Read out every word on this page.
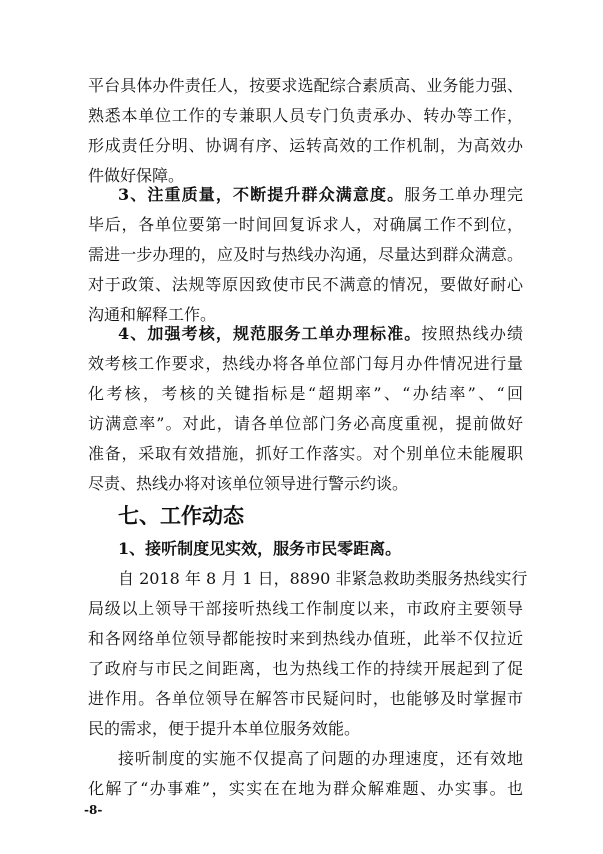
平台具体办件责任人，按要求选配综合素质高、业务能力强、
熟悉本单位工作的专兼职人员专门负责承办、转办等工作，
形成责任分明、协调有序、运转高效的工作机制，为高效办
件做好保障。
3、注重质量，不断提升群众满意度。服务工单办理完
毕后，各单位要第一时间回复诉求人，对确属工作不到位，
需进一步办理的，应及时与热线办沟通，尽量达到群众满意。
对于政策、法规等原因致使市民不满意的情况，要做好耐心
沟通和解释工作。
4、加强考核，规范服务工单办理标准。按照热线办绩
效考核工作要求，热线办将各单位部门每月办件情况进行量
化考核，考核的关键指标是“超期率”、“办结率”、“回
访满意率”。对此，请各单位部门务必高度重视，提前做好
准备，采取有效措施，抓好工作落实。对个别单位未能履职
尽责、热线办将对该单位领导进行警示约谈。
七、工作动态
1、接听制度见实效，服务市民零距离。
自 2018 年 8 月 1 日，8890 非紧急救助类服务热线实行
局级以上领导干部接听热线工作制度以来，市政府主要领导
和各网络单位领导都能按时来到热线办值班，此举不仅拉近
了政府与市民之间距离，也为热线工作的持续开展起到了促
进作用。各单位领导在解答市民疑问时，也能够及时掌握市
民的需求，便于提升本单位服务效能。
接听制度的实施不仅提高了问题的办理速度，还有效地
化解了“办事难”，实实在在地为群众解难题、办实事。也
-8-
